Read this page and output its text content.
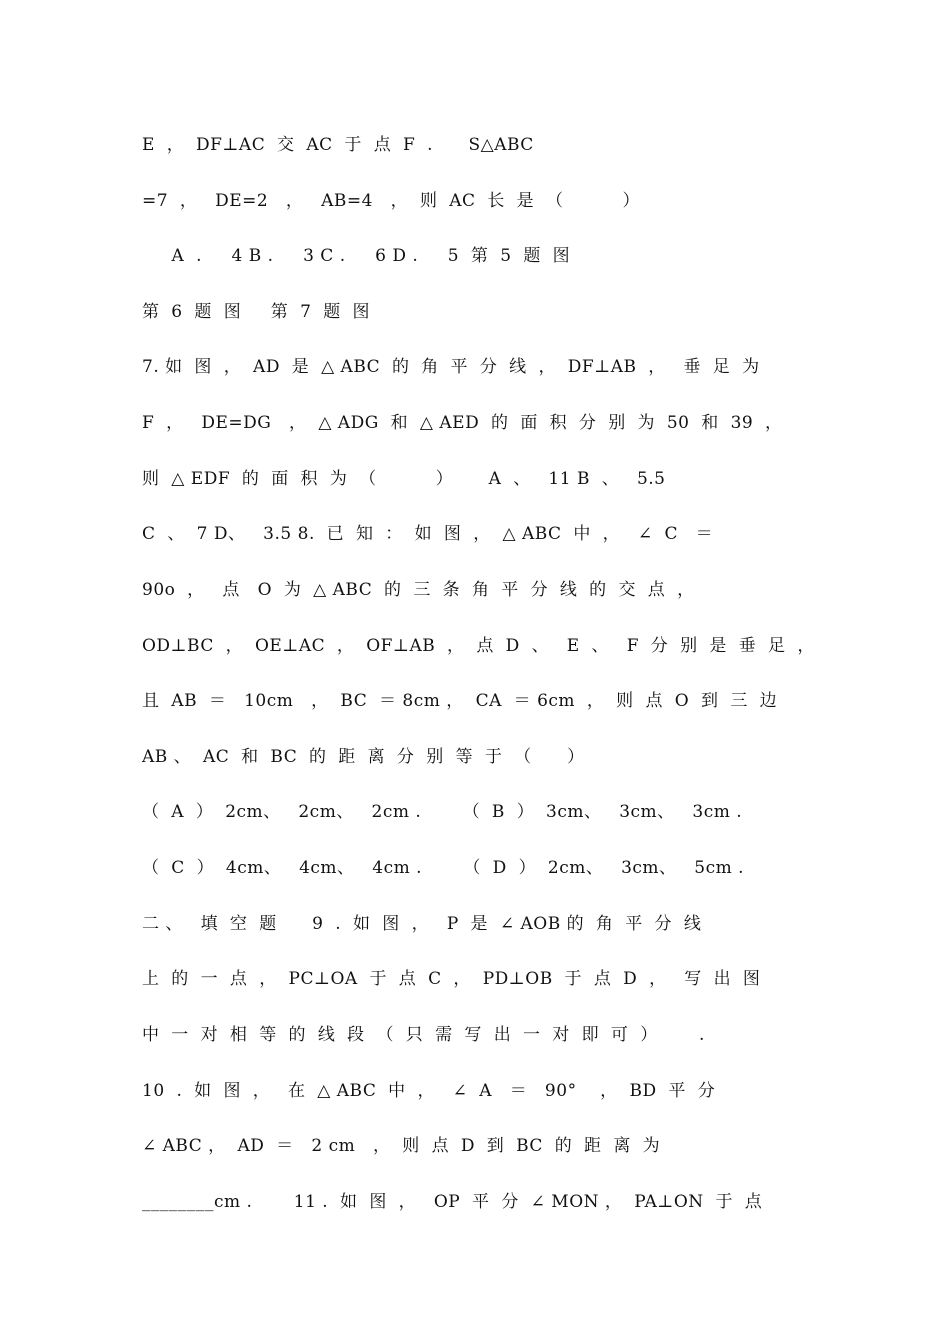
E  ，  DF⊥AC  交  AC  于  点  F  .      S△ABC
=7  ，   DE=2   ，   AB=4   ，  则  AC  长  是  （          ）
A  .     4 B .     3 C .     6 D .     5  第  5  题  图
第  6  题  图     第  7  题  图
7. 如  图  ，  AD  是  △ ABC  的  角  平  分  线  ，  DF⊥AB  ，   垂  足  为
F  ，   DE=DG   ，  △ ADG  和  △ AED  的  面  积  分  别  为  50  和  39  ，
则  △ EDF  的  面  积  为  （          ）      A  、   11 B  、   5.5
C  、  7 D、   3.5 8.  已  知  ：  如  图  ，  △ ABC  中  ，   ∠  C   ＝
90o  ，   点   O  为  △ ABC  的  三  条  角  平  分  线  的  交  点  ，
OD⊥BC  ，  OE⊥AC  ，  OF⊥AB  ，  点  D  、   E  、   F  分  别  是  垂  足  ，
且  AB  ＝   10cm   ，  BC  ＝ 8cm ，  CA  ＝ 6cm  ，  则  点  O  到  三  边
AB 、  AC  和  BC  的  距  离  分  别  等  于  （      ）
（  A  ）  2cm、   2cm、   2cm .       （  B  ）  3cm、   3cm、   3cm .
（  C  ）  4cm、   4cm、   4cm .       （  D  ）  2cm、   3cm、   5cm .
二 、   填  空  题      9  .  如  图  ，   P  是  ∠ AOB 的  角  平  分  线
上  的  一  点  ，  PC⊥OA  于  点  C  ，  PD⊥OB  于  点  D  ，   写  出  图
中  一  对  相  等  的  线  段  （  只  需  写  出  一  对  即  可  ）       .
10  .  如  图  ，   在  △ ABC  中  ，   ∠  A   ＝   90°    ，  BD  平  分
∠ ABC ，  AD  ＝   2 cm   ，  则  点  D  到  BC  的  距  离  为
________cm .       11 .  如  图  ，   OP  平  分  ∠ MON ，  PA⊥ON  于  点
